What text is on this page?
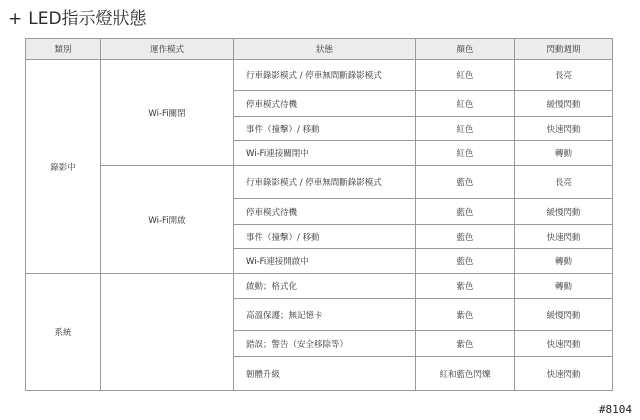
+ LED指示燈狀態
類別	運作模式	狀態	顏色	閃動週期
錄影中	Wi-Fi關閉	行車錄影模式 / 停車無間斷錄影模式	紅色	長亮
		停車模式待機	紅色	緩慢閃動
		事件（撞擊）/ 移動	紅色	快速閃動
		Wi-Fi連接關閉中	紅色	轉動
	Wi-Fi開啟	行車錄影模式 / 停車無間斷錄影模式	藍色	長亮
		停車模式待機	藍色	緩慢閃動
		事件（撞擊）/ 移動	藍色	快速閃動
		Wi-Fi連接開啟中	藍色	轉動
系統		啟動；格式化	紫色	轉動
		高溫保護；無記憶卡	紫色	緩慢閃動
		錯誤；警告（安全移除等）	紫色	快速閃動
		韌體升級	紅和藍色閃爍	快速閃動
#8104
